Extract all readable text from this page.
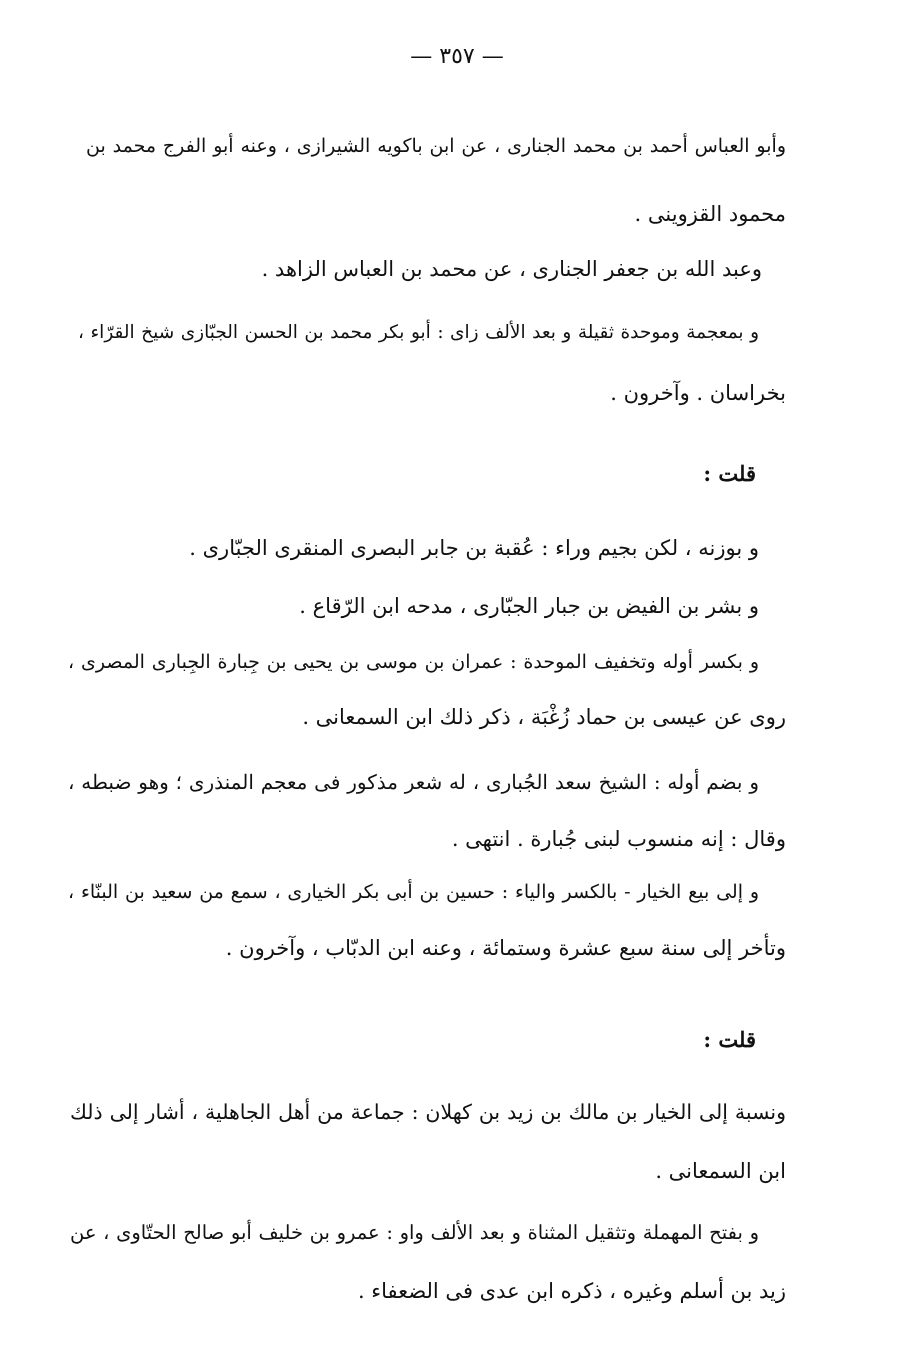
— ٣٥٧ —
وأبو العباس أحمد بن محمد الجنارى ، عن ابن باكويه الشيرازى ، وعنه أبو الفرج محمد بن
محمود القزوينى .
وعبد الله بن جعفر الجنارى ، عن محمد بن العباس الزاهد .
و بمعجمة وموحدة ثقيلة و بعد الألف زاى : أبو بكر محمد بن الحسن الجبّازى شيخ القرّاء ،
بخراسان . وآخرون .
قلت :
و بوزنه ، لكن بجيم وراء : عُقبة بن جابر البصرى المنقرى الجبّارى .
و بشر بن الفيض بن جبار الجبّارى ، مدحه ابن الرّقاع .
و بكسر أوله وتخفيف الموحدة : عمران بن موسى بن يحيى بن جِبارة الجِبارى المصرى ،
روى عن عيسى بن حماد زُغْبَة ، ذكر ذلك ابن السمعانى .
و بضم أوله : الشيخ سعد الجُبارى ، له شعر مذكور فى معجم المنذرى ؛ وهو ضبطه ،
وقال : إنه منسوب لبنى جُبارة . انتهى .
و إلى بيع الخيار - بالكسر والياء : حسين بن أبى بكر الخيارى ، سمع من سعيد بن البنّاء ،
وتأخر إلى سنة سبع عشرة وستمائة ، وعنه ابن الدبّاب ، وآخرون .
قلت :
ونسبة إلى الخيار بن مالك بن زيد بن كهلان : جماعة من أهل الجاهلية ، أشار إلى ذلك
ابن السمعانى .
و بفتح المهملة وتثقيل المثناة و بعد الألف واو : عمرو بن خليف أبو صالح الحتّاوى ، عن
زيد بن أسلم وغيره ، ذكره ابن عدى فى الضعفاء .
